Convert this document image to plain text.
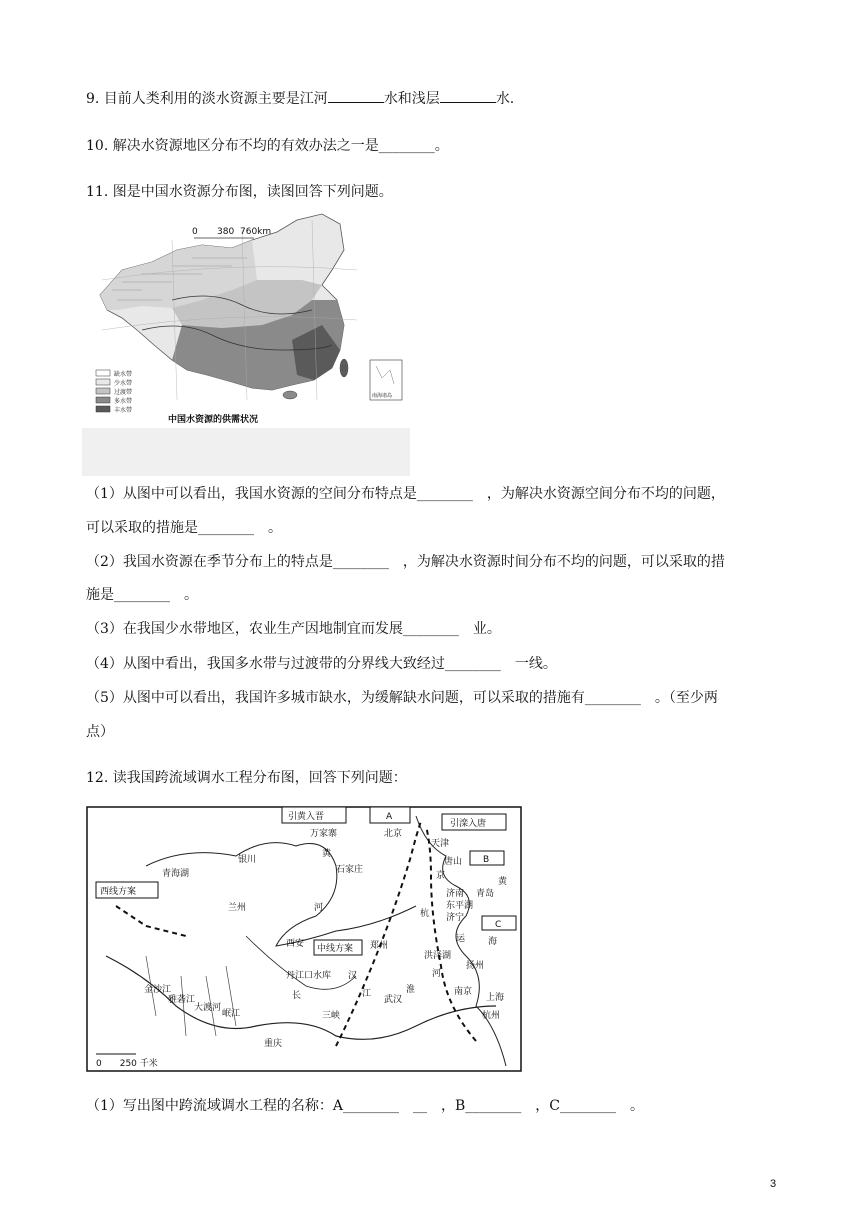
9. 目前人类利用的淡水资源主要是江河	水和浅层	水.
10. 解决水资源地区分布不均的有效办法之一是________。
11. 图是中国水资源分布图，读图回答下列问题。
0 380 760km
缺水带
少水带
过渡带
多水带
丰水带
南海诸岛
中国水资源的供需状况
（1）从图中可以看出，我国水资源的空间分布特点是________　，为解决水资源空间分布不均的问题，
可以采取的措施是________　。
（2）我国水资源在季节分布上的特点是________　，为解决水资源时间分布不均的问题，可以采取的措
施是________　。
（3）在我国少水带地区，农业生产因地制宜而发展________　业。
（4）从图中看出，我国多水带与过渡带的分界线大致经过________　一线。
（5）从图中可以看出，我国许多城市缺水，为缓解缺水问题，可以采取的措施有________　。（至少两
点）
12. 读我国跨流域调水工程分布图，回答下列问题：
引黄入晋	A
引滦入唐
B
C
西线方案
中线方案
万家寨	北京
天津
唐山
黄
石家庄
京
银川
青海湖
兰州	河
济南
东平湖
济宁
青岛
黄
西安	郑州
杭
运
洪泽湖
扬州
海
河
淮
丹江口水库 汉
江
武汉
长
三峡
重庆
南京
上海
杭州
金沙江
雅砻江
大渡河
岷江
0　　250 千米
（1）写出图中跨流域调水工程的名称：A________　__　，B________　，C________　。
3
